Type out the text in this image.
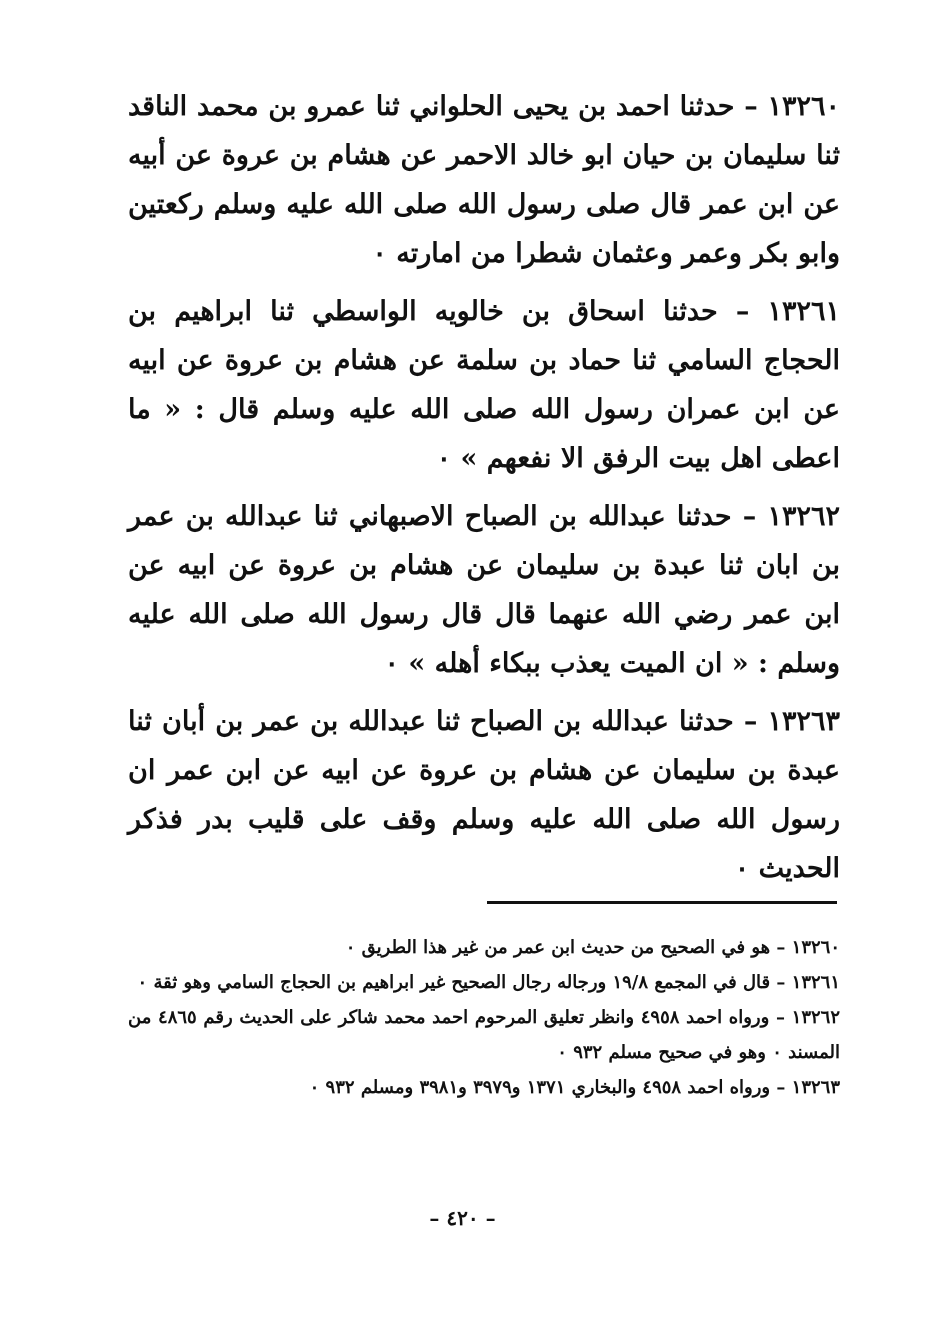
١٣٢٦٠ – حدثنا احمد بن يحيى الحلواني ثنا عمرو بن محمد الناقد ثنا سليمان بن حيان ابو خالد الاحمر عن هشام بن عروة عن أبيه عن ابن عمر قال صلى رسول الله صلى الله عليه وسلم ركعتين وابو بكر وعمر وعثمان شطرا من امارته ٠

١٣٢٦١ – حدثنا اسحاق بن خالويه الواسطي ثنا ابراهيم بن الحجاج السامي ثنا حماد بن سلمة عن هشام بن عروة عن ابيه عن ابن عمران رسول الله صلى الله عليه وسلم قال : « ما اعطى اهل بيت الرفق الا نفعهم » ٠

١٣٢٦٢ – حدثنا عبدالله بن الصباح الاصبهاني ثنا عبدالله بن عمر بن ابان ثنا عبدة بن سليمان عن هشام بن عروة عن ابيه عن ابن عمر رضي الله عنهما قال قال رسول الله صلى الله عليه وسلم : « ان الميت يعذب ببكاء أهله » ٠

١٣٢٦٣ – حدثنا عبدالله بن الصباح ثنا عبدالله بن عمر بن أبان ثنا عبدة بن سليمان عن هشام بن عروة عن ابيه عن ابن عمر ان رسول الله صلى الله عليه وسلم وقف على قليب بدر فذكر الحديث ٠

١٣٢٦٠ – هو في الصحيح من حديث ابن عمر من غير هذا الطريق ٠

١٣٢٦١ – قال في المجمع ١٩/٨ ورجاله رجال الصحيح غير ابراهيم بن الحجاج السامي وهو ثقة ٠

١٣٢٦٢ – ورواه احمد ٤٩٥٨ وانظر تعليق المرحوم احمد محمد شاكر على الحديث رقم ٤٨٦٥ من المسند ٠ وهو في صحيح مسلم ٩٣٢ ٠

١٣٢٦٣ – ورواه احمد ٤٩٥٨ والبخاري ١٣٧١ و٣٩٧٩ و٣٩٨١ ومسلم ٩٣٢ ٠

– ٤٢٠ –
